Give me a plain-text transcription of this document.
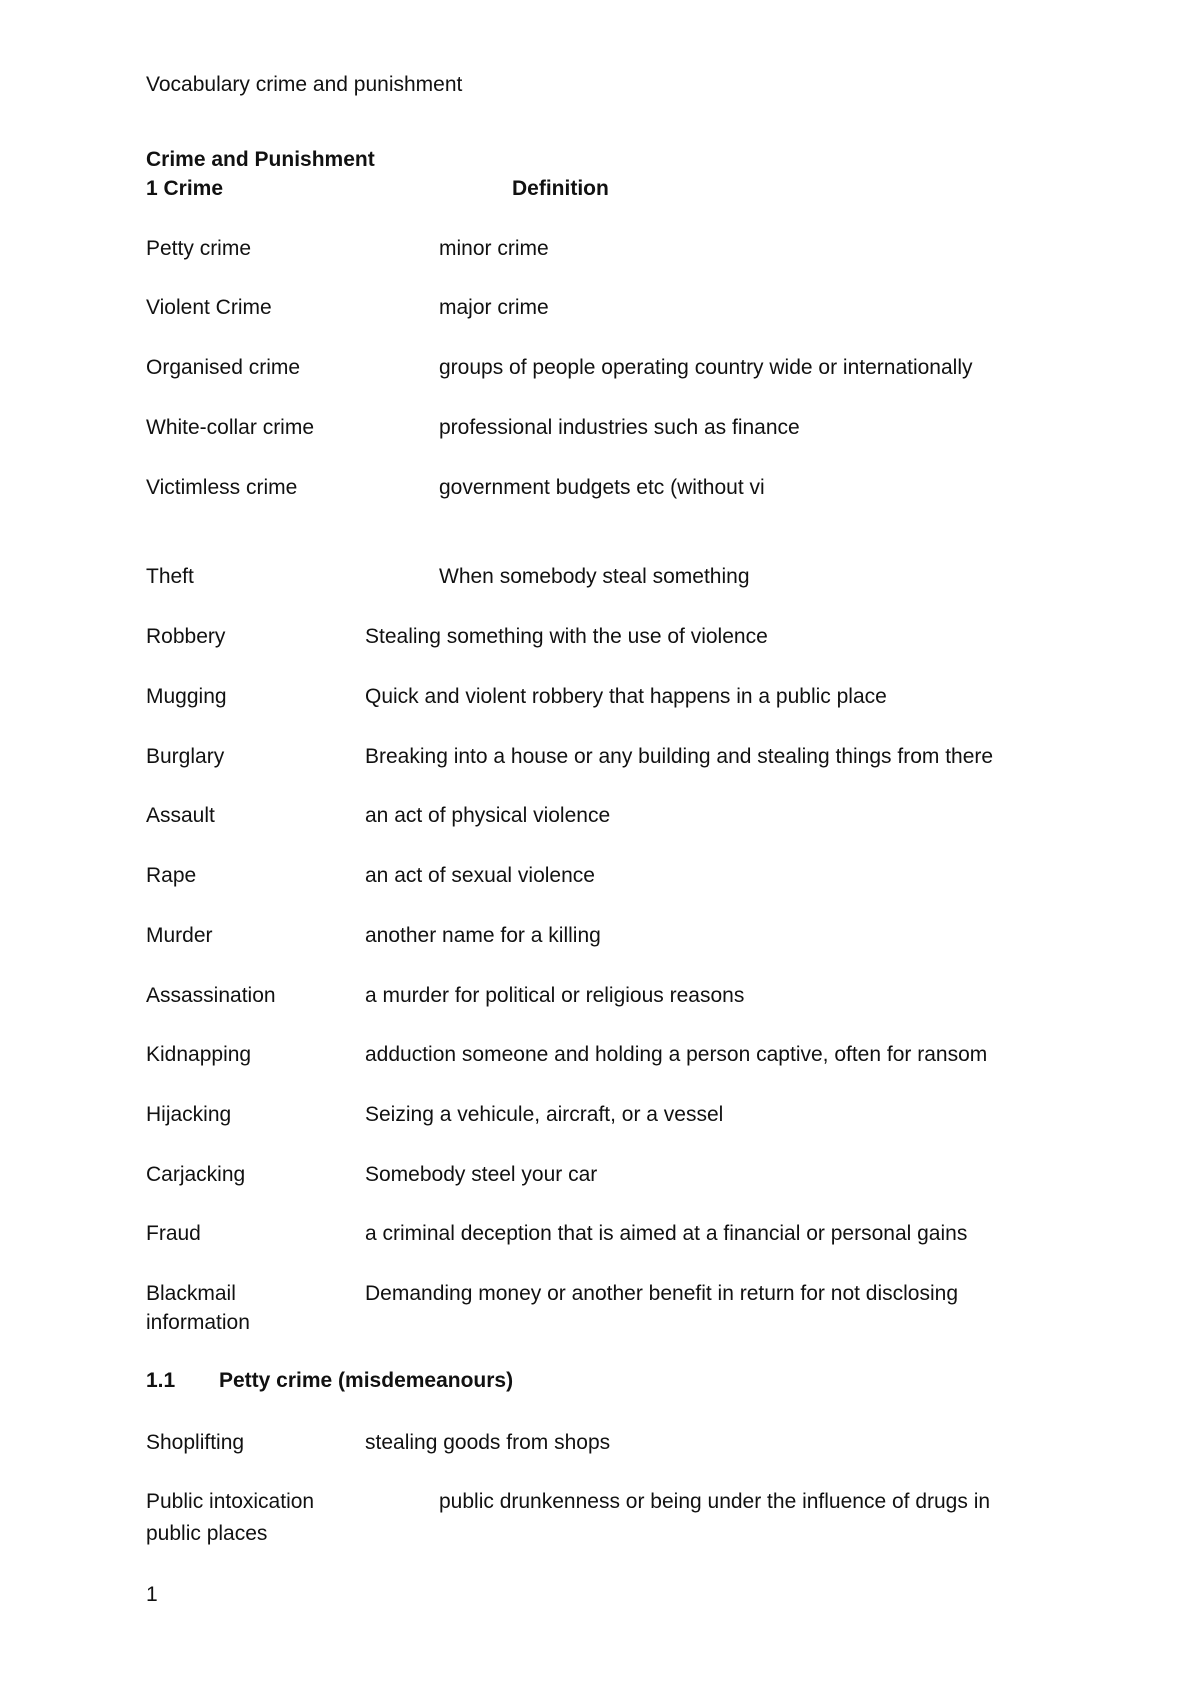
Vocabulary crime and punishment
Crime and Punishment
1 Crime	Definition
Petty crime	minor crime
Violent Crime	major crime
Organised crime	groups of people operating country wide or internationally
White-collar crime	professional industries such as finance
Victimless crime	government budgets etc (without vi
Theft	When somebody steal something
Robbery	Stealing something with the use of violence
Mugging	Quick and violent robbery that happens in a public place
Burglary	Breaking into a house or any building and stealing things from there
Assault	an act of physical violence
Rape	an act of sexual violence
Murder	another name for a killing
Assassination	a murder for political or religious reasons
Kidnapping	adduction someone and holding a person captive, often for ransom
Hijacking	Seizing a vehicule, aircraft, or a vessel
Carjacking	Somebody steel your car
Fraud	a criminal deception that is aimed at a financial or personal gains
Blackmail	Demanding money or another benefit in return for not disclosing
information
1.1 Petty crime (misdemeanours)
Shoplifting	stealing goods from shops
Public intoxication	public drunkenness or being under the influence of drugs in
public places
1
